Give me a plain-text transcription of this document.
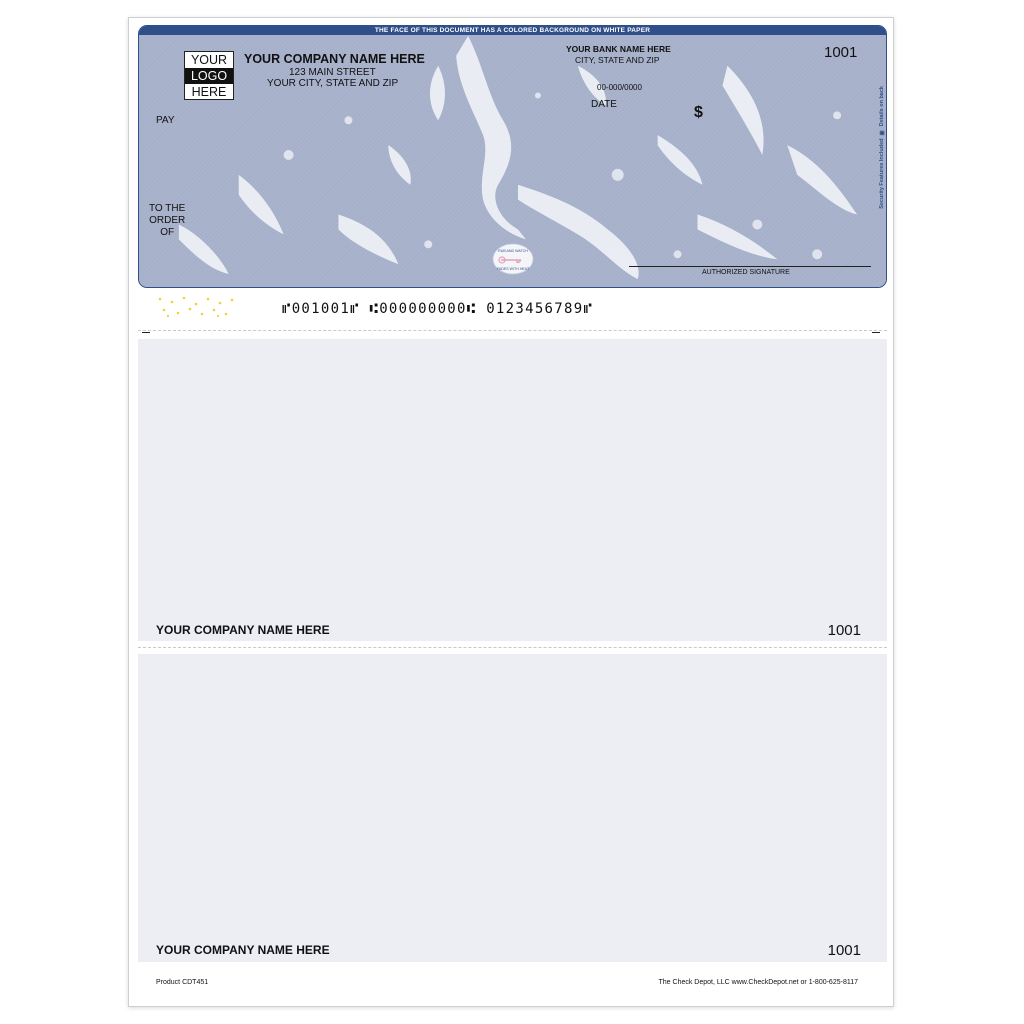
THE FACE OF THIS DOCUMENT HAS A COLORED BACKGROUND ON WHITE PAPER
YOUR
LOGO
HERE
YOUR COMPANY NAME HERE
123 MAIN STREET
YOUR CITY, STATE AND ZIP
YOUR BANK NAME HERE
CITY, STATE AND ZIP
00-000/0000
1001
DATE	$
PAY
TO THE
ORDER
OF
Security Features Included  ▣  Details on back
RUB AND WATCH
FADES WITH HEAT	AUTHORIZED SIGNATURE
⑈001001⑈ ⑆000000000⑆ 0123456789⑈
YOUR COMPANY NAME HERE	1001
YOUR COMPANY NAME HERE	1001
Product CDT451	The Check Depot, LLC www.CheckDepot.net or 1-800-625-8117
